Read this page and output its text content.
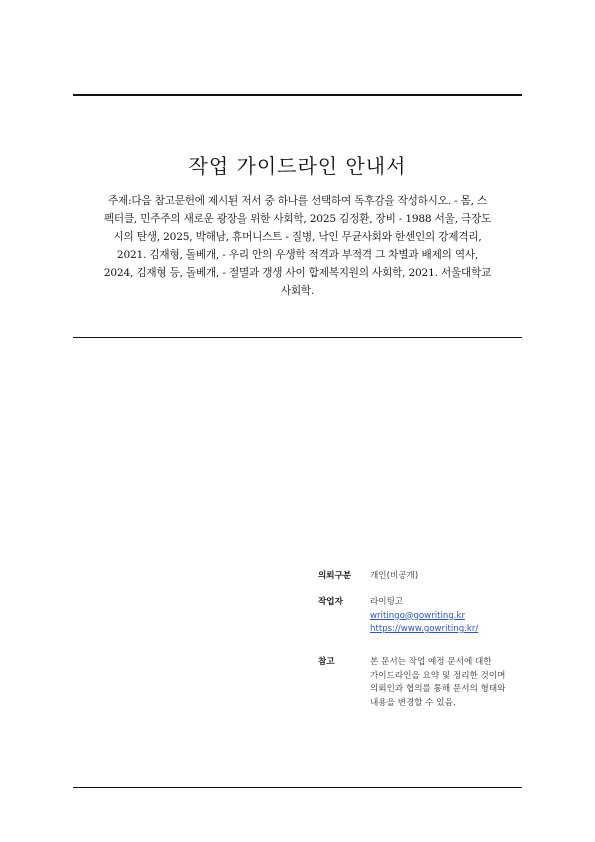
작업 가이드라인 안내서
주제:다음 참고문헌에 제시된 저서 중 하나를 선택하여 독후감을 작성하시오. - 몸, 스
펙터클, 민주주의 새로운 광장을 위한 사회학, 2025 김정환, 장비 - 1988 서울, 극장도
시의 탄생, 2025, 박해남, 휴머니스트 - 질병, 낙인 무균사회와 한센인의 강제격리,
2021. 김재형, 돌베개, - 우리 안의 우생학 적격과 부적격 그 차별과 배제의 역사,
2024, 김재형 등, 돌베개, - 절멸과 갱생 사이 합제복지원의 사회학, 2021. 서울대학교
사회학.
의뢰구분 개인(비공개)
작업자	라이팅고
writingo@gowriting.kr
https://www.gowriting.kr/
참고	본 문서는 작업 예정 문서에 대한
가이드라인을 요약 및 정리한 것이며
의뢰인과 협의를 통해 문서의 형태와
내용을 변경할 수 있음.
